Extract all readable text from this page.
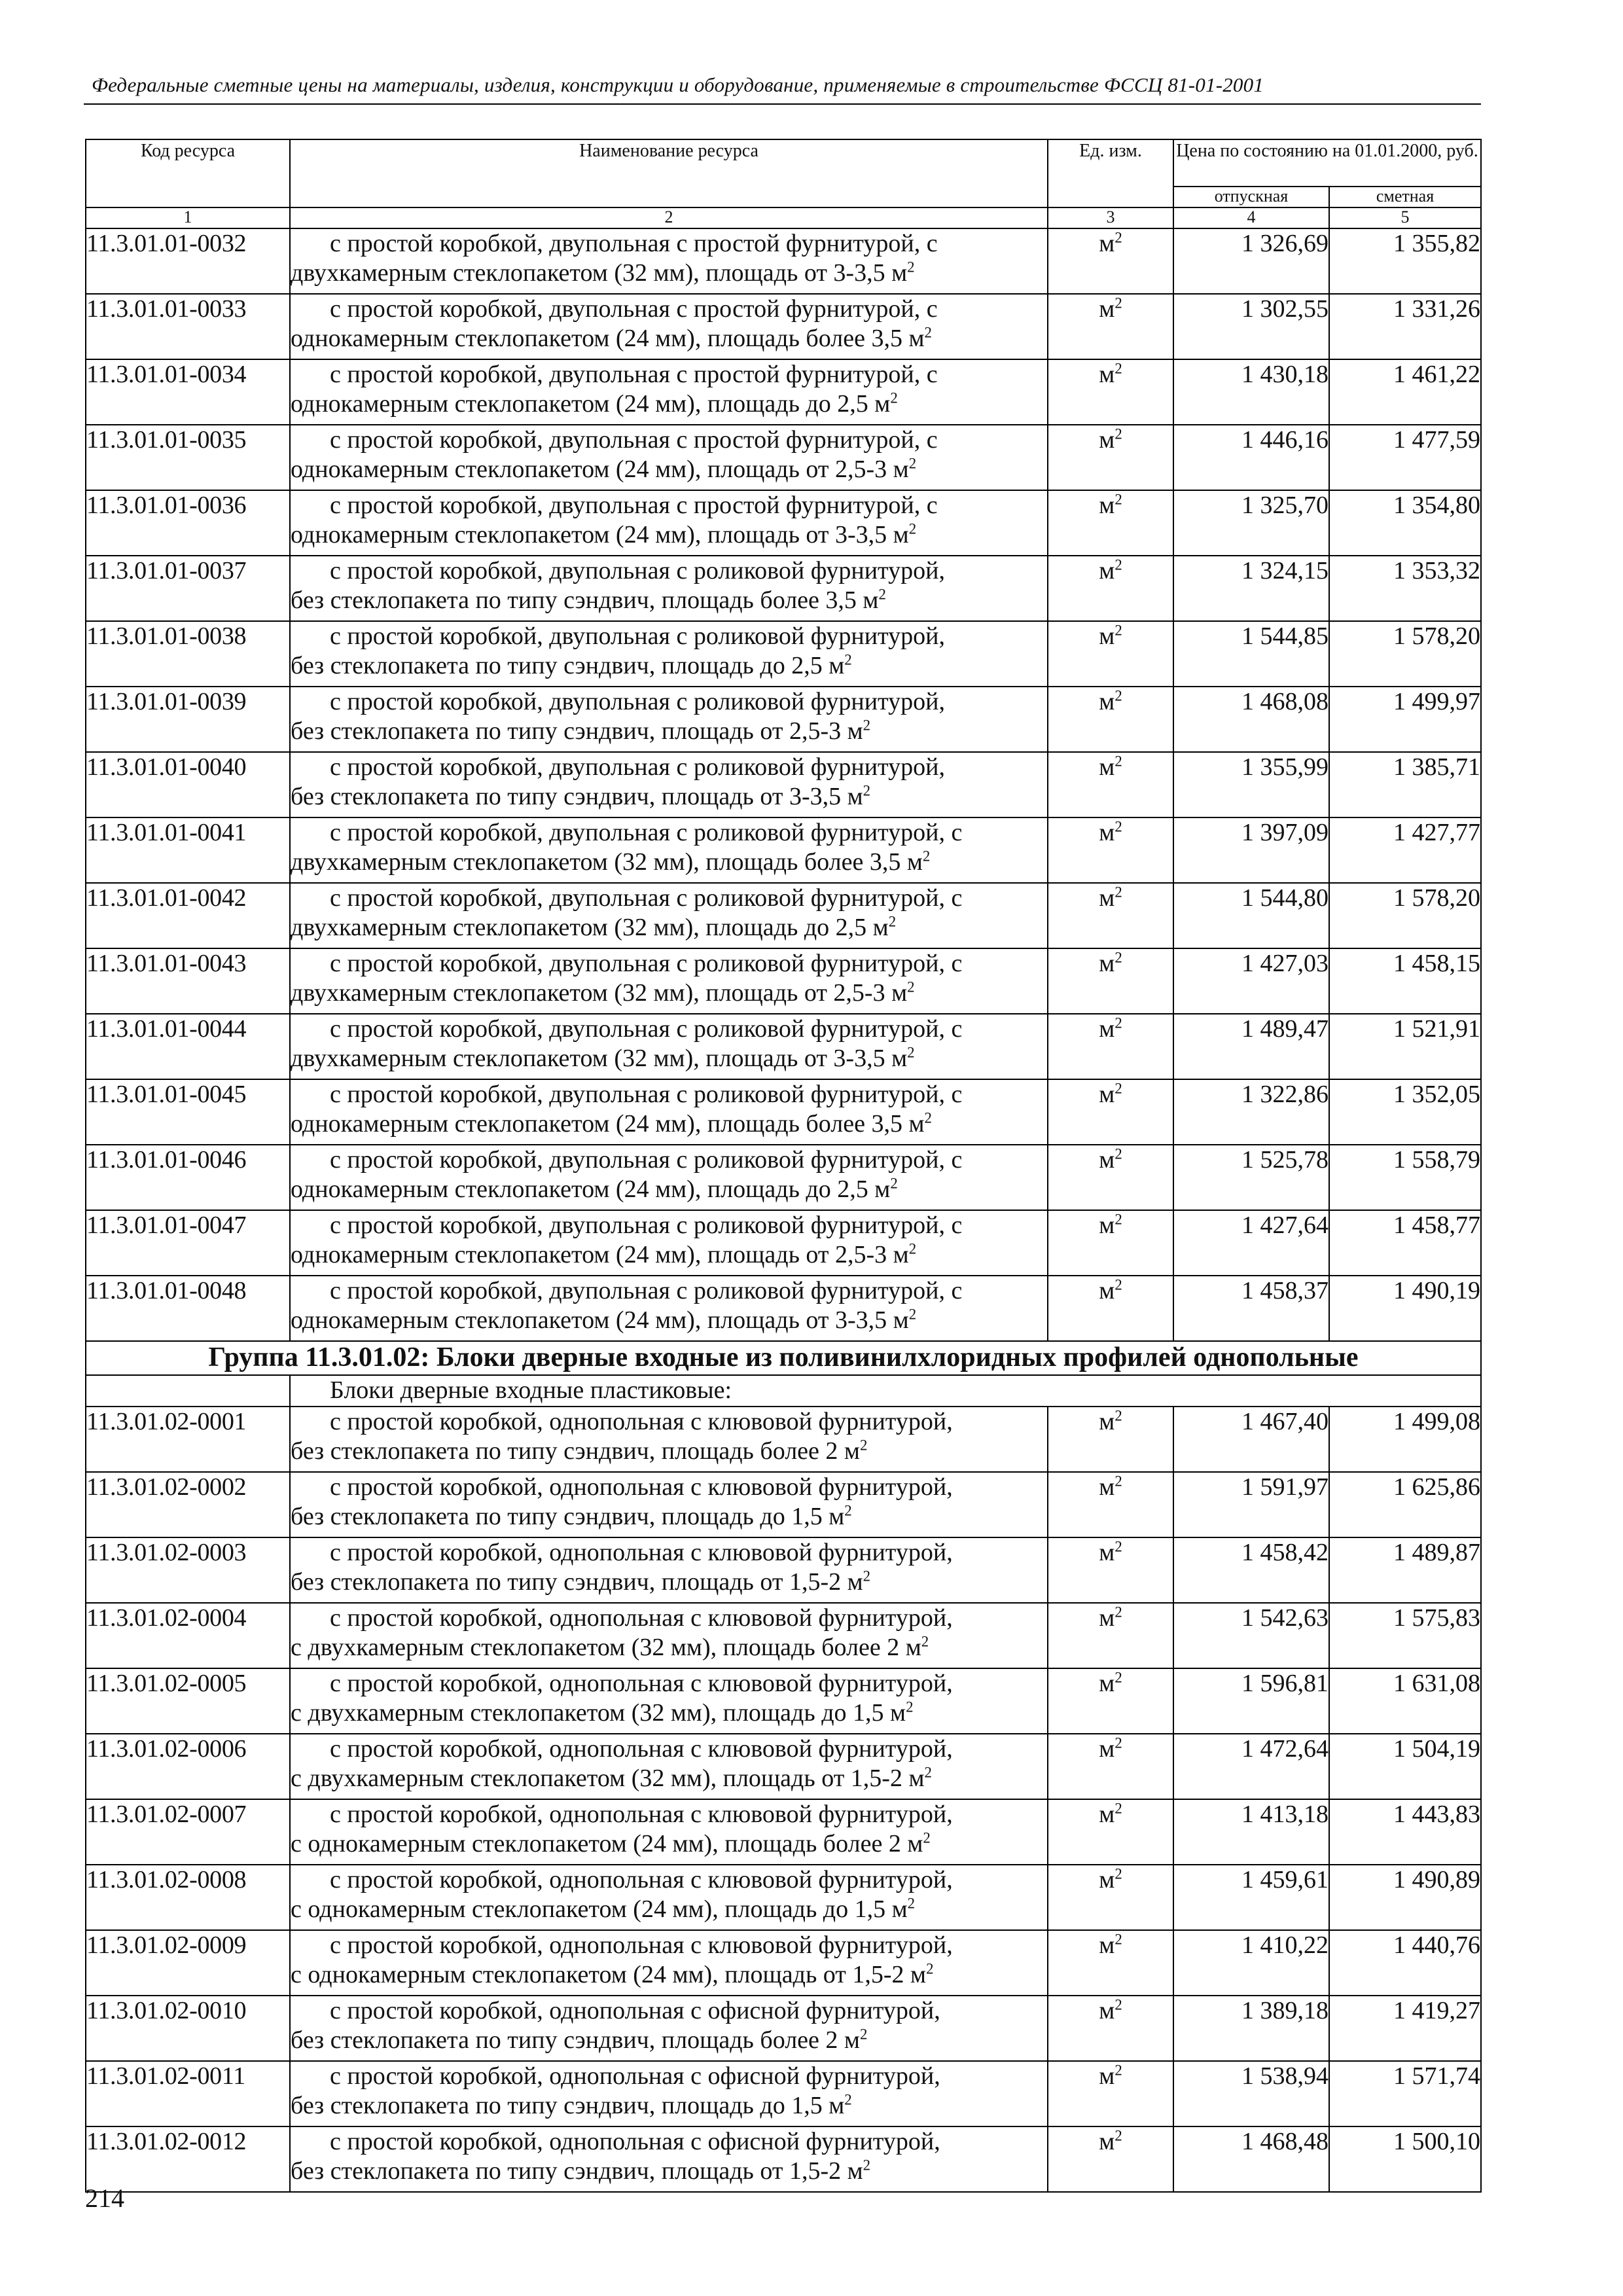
Федеральные сметные цены на материалы, изделия, конструкции и оборудование, применяемые в строительстве ФССЦ 81-01-2001
Код ресурса	Наименование ресурса	Ед. изм.	Цена по состоянию на 01.01.2000, руб.	
			отпускная	сметная
1	2	3	4	5
11.3.01.01-0032	с простой коробкой, двупольная с простой фурнитурой, с
двухкамерным стеклопакетом (32 мм), площадь от 3-3,5 $м^2$	$м^2$	1 326,69	1 355,82
11.3.01.01-0033	с простой коробкой, двупольная с простой фурнитурой, с
однокамерным стеклопакетом (24 мм), площадь более 3,5 $м^2$	$м^2$	1 302,55	1 331,26
11.3.01.01-0034	с простой коробкой, двупольная с простой фурнитурой, с
однокамерным стеклопакетом (24 мм), площадь до 2,5 $м^2$	$м^2$	1 430,18	1 461,22
11.3.01.01-0035	с простой коробкой, двупольная с простой фурнитурой, с
однокамерным стеклопакетом (24 мм), площадь от 2,5-3 $м^2$	$м^2$	1 446,16	1 477,59
11.3.01.01-0036	с простой коробкой, двупольная с простой фурнитурой, с
однокамерным стеклопакетом (24 мм), площадь от 3-3,5 $м^2$	$м^2$	1 325,70	1 354,80
11.3.01.01-0037	с простой коробкой, двупольная с роликовой фурнитурой,
без стеклопакета по типу сэндвич, площадь более 3,5 $м^2$	$м^2$	1 324,15	1 353,32
11.3.01.01-0038	с простой коробкой, двупольная с роликовой фурнитурой,
без стеклопакета по типу сэндвич, площадь до 2,5 $м^2$	$м^2$	1 544,85	1 578,20
11.3.01.01-0039	с простой коробкой, двупольная с роликовой фурнитурой,
без стеклопакета по типу сэндвич, площадь от 2,5-3 $м^2$	$м^2$	1 468,08	1 499,97
11.3.01.01-0040	с простой коробкой, двупольная с роликовой фурнитурой,
без стеклопакета по типу сэндвич, площадь от 3-3,5 $м^2$	$м^2$	1 355,99	1 385,71
11.3.01.01-0041	с простой коробкой, двупольная с роликовой фурнитурой, с
двухкамерным стеклопакетом (32 мм), площадь более 3,5 $м^2$	$м^2$	1 397,09	1 427,77
11.3.01.01-0042	с простой коробкой, двупольная с роликовой фурнитурой, с
двухкамерным стеклопакетом (32 мм), площадь до 2,5 $м^2$	$м^2$	1 544,80	1 578,20
11.3.01.01-0043	с простой коробкой, двупольная с роликовой фурнитурой, с
двухкамерным стеклопакетом (32 мм), площадь от 2,5-3 $м^2$	$м^2$	1 427,03	1 458,15
11.3.01.01-0044	с простой коробкой, двупольная с роликовой фурнитурой, с
двухкамерным стеклопакетом (32 мм), площадь от 3-3,5 $м^2$	$м^2$	1 489,47	1 521,91
11.3.01.01-0045	с простой коробкой, двупольная с роликовой фурнитурой, с
однокамерным стеклопакетом (24 мм), площадь более 3,5 $м^2$	$м^2$	1 322,86	1 352,05
11.3.01.01-0046	с простой коробкой, двупольная с роликовой фурнитурой, с
однокамерным стеклопакетом (24 мм), площадь до 2,5 $м^2$	$м^2$	1 525,78	1 558,79
11.3.01.01-0047	с простой коробкой, двупольная с роликовой фурнитурой, с
однокамерным стеклопакетом (24 мм), площадь от 2,5-3 $м^2$	$м^2$	1 427,64	1 458,77
11.3.01.01-0048	с простой коробкой, двупольная с роликовой фурнитурой, с
однокамерным стеклопакетом (24 мм), площадь от 3-3,5 $м^2$	$м^2$	1 458,37	1 490,19
Группа 11.3.01.02: Блоки дверные входные из поливинилхлоридных профилей однопольные				

	Блоки дверные входные пластиковые:			

11.3.01.02-0001	с простой коробкой, однопольная с клювовой фурнитурой,
без стеклопакета по типу сэндвич, площадь более 2 $м^2$	$м^2$	1 467,40	1 499,08
11.3.01.02-0002	с простой коробкой, однопольная с клювовой фурнитурой,
без стеклопакета по типу сэндвич, площадь до 1,5 $м^2$	$м^2$	1 591,97	1 625,86
11.3.01.02-0003	с простой коробкой, однопольная с клювовой фурнитурой,
без стеклопакета по типу сэндвич, площадь от 1,5-2 $м^2$	$м^2$	1 458,42	1 489,87
11.3.01.02-0004	с простой коробкой, однопольная с клювовой фурнитурой,
с двухкамерным стеклопакетом (32 мм), площадь более 2 $м^2$	$м^2$	1 542,63	1 575,83
11.3.01.02-0005	с простой коробкой, однопольная с клювовой фурнитурой,
с двухкамерным стеклопакетом (32 мм), площадь до 1,5 $м^2$	$м^2$	1 596,81	1 631,08
11.3.01.02-0006	с простой коробкой, однопольная с клювовой фурнитурой,
с двухкамерным стеклопакетом (32 мм), площадь от 1,5-2 $м^2$	$м^2$	1 472,64	1 504,19
11.3.01.02-0007	с простой коробкой, однопольная с клювовой фурнитурой,
с однокамерным стеклопакетом (24 мм), площадь более 2 $м^2$	$м^2$	1 413,18	1 443,83
11.3.01.02-0008	с простой коробкой, однопольная с клювовой фурнитурой,
с однокамерным стеклопакетом (24 мм), площадь до 1,5 $м^2$	$м^2$	1 459,61	1 490,89
11.3.01.02-0009	с простой коробкой, однопольная с клювовой фурнитурой,
с однокамерным стеклопакетом (24 мм), площадь от 1,5-2 $м^2$	$м^2$	1 410,22	1 440,76
11.3.01.02-0010	с простой коробкой, однопольная с офисной фурнитурой,
без стеклопакета по типу сэндвич, площадь более 2 $м^2$	$м^2$	1 389,18	1 419,27
11.3.01.02-0011	с простой коробкой, однопольная с офисной фурнитурой,
без стеклопакета по типу сэндвич, площадь до 1,5 $м^2$	$м^2$	1 538,94	1 571,74
11.3.01.02-0012	с простой коробкой, однопольная с офисной фурнитурой,
без стеклопакета по типу сэндвич, площадь от 1,5-2 $м^2$	$м^2$	1 468,48	1 500,10
214
